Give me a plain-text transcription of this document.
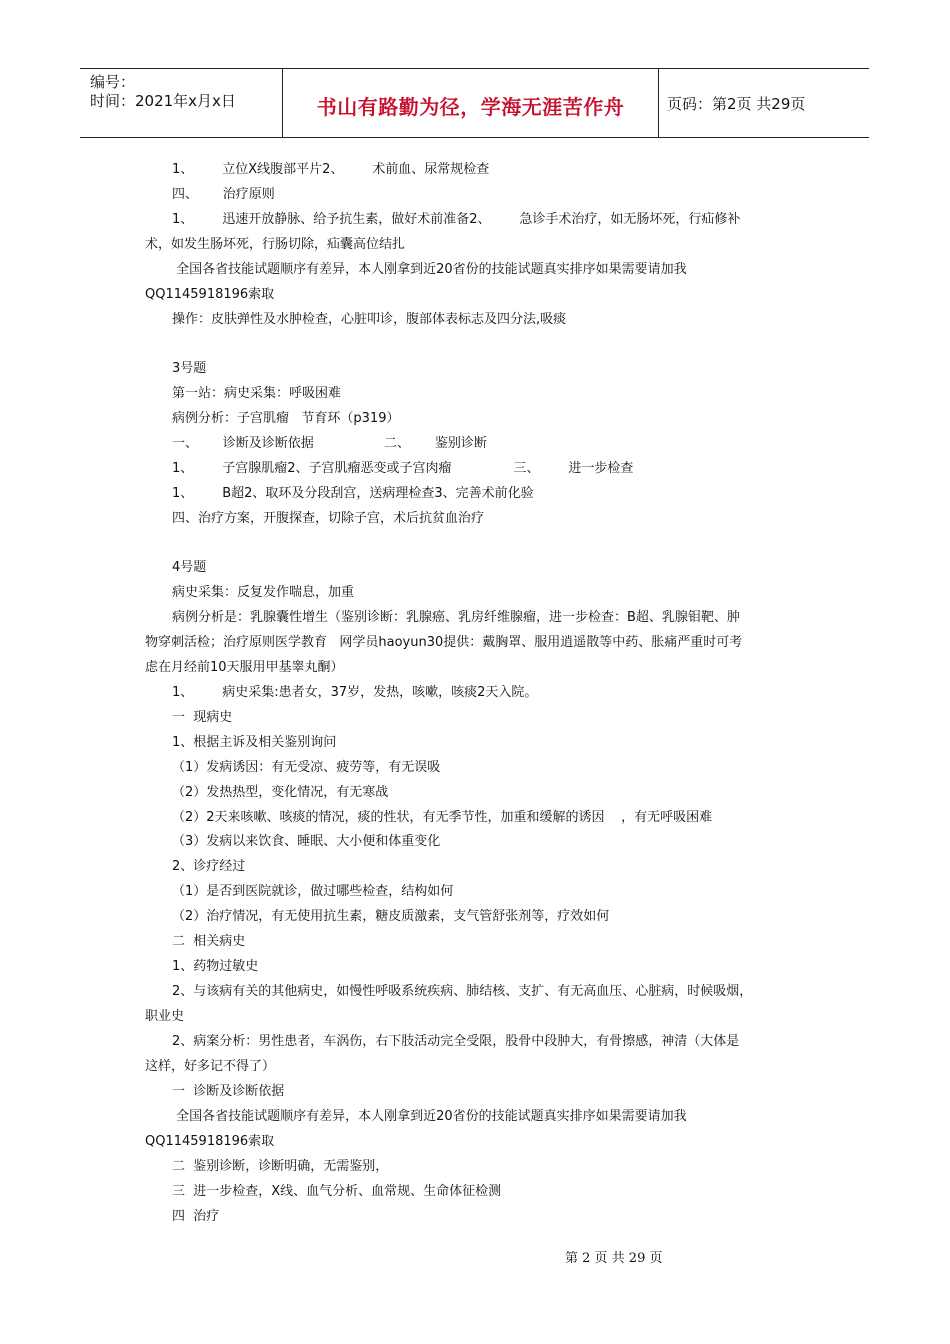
编号：
时间：2021年x月x日	书山有路勤为径，学海无涯苦作舟	页码：第2页 共29页
1、       立位X线腹部平片2、       术前血、尿常规检查
四、      治疗原则
1、       迅速开放静脉、给予抗生素，做好术前准备2、       急诊手术治疗，如无肠坏死，行疝修补
术，如发生肠坏死，行肠切除，疝囊高位结扎
全国各省技能试题顺序有差异，本人刚拿到近20省份的技能试题真实排序如果需要请加我
QQ1145918196索取
操作：皮肤弹性及水肿检查，心脏叩诊，腹部体表标志及四分法,吸痰
3号题
第一站：病史采集：呼吸困难
病例分析：子宫肌瘤   节育环（p319）
一、      诊断及诊断依据                 二、      鉴别诊断
1、       子宫腺肌瘤2、子宫肌瘤恶变或子宫肉瘤               三、       进一步检查
1、       B超2、取环及分段刮宫，送病理检查3、完善术前化验
四、治疗方案，开腹探查，切除子宫，术后抗贫血治疗
4号题
病史采集：反复发作喘息，加重
病例分析是：乳腺囊性增生（鉴别诊断：乳腺癌、乳房纤维腺瘤，进一步检查：B超、乳腺钼靶、肿
物穿刺活检；治疗原则医学教育   网学员haoyun30提供：戴胸罩、服用逍遥散等中药、胀痛严重时可考
虑在月经前10天服用甲基睾丸酮）
1、       病史采集:患者女，37岁，发热，咳嗽，咳痰2天入院。
一  现病史
1、根据主诉及相关鉴别询问
（1）发病诱因：有无受凉、疲劳等，有无误吸
（2）发热热型，变化情况，有无寒战
（2）2天来咳嗽、咳痰的情况，痰的性状，有无季节性，加重和缓解的诱因    ，有无呼吸困难
（3）发病以来饮食、睡眠、大小便和体重变化
2、诊疗经过
（1）是否到医院就诊，做过哪些检查，结构如何
（2）治疗情况，有无使用抗生素，糖皮质激素，支气管舒张剂等，疗效如何
二  相关病史
1、药物过敏史
2、与该病有关的其他病史，如慢性呼吸系统疾病、肺结核、支扩、有无高血压、心脏病，时候吸烟，
职业史
2、病案分析：男性患者，车涡伤，右下肢活动完全受限，股骨中段肿大，有骨擦感，神清（大体是
这样，好多记不得了）
一  诊断及诊断依据
全国各省技能试题顺序有差异，本人刚拿到近20省份的技能试题真实排序如果需要请加我
QQ1145918196索取
二  鉴别诊断，诊断明确，无需鉴别，
三  进一步检查，X线、血气分析、血常规、生命体征检测
四  治疗
第 2 页 共 29 页
